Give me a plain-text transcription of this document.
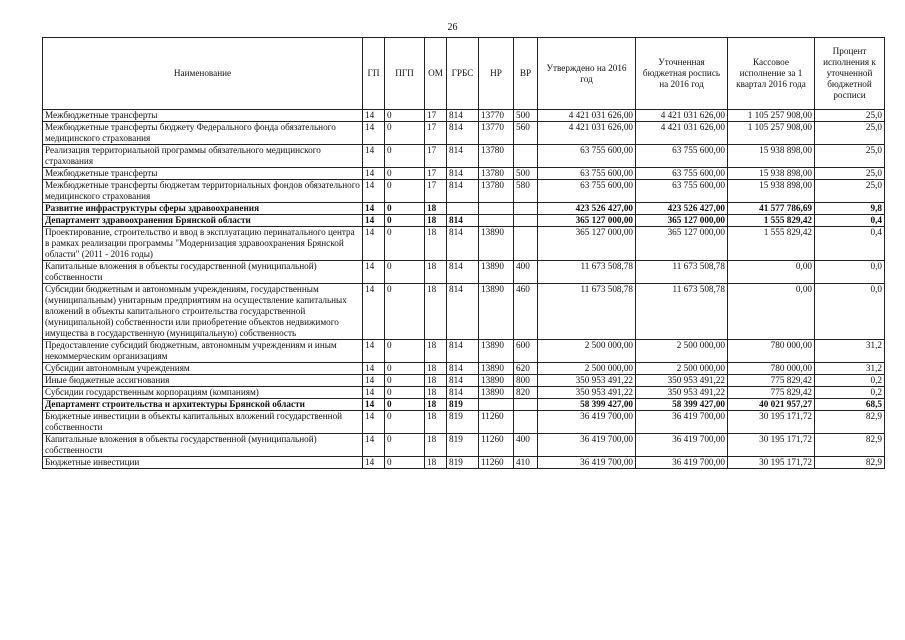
26
Наименование	ГП	ПГП	ОМ	ГРБС	НР	ВР	Утверждено на 2016 год	Уточненная бюджетная роспись на 2016 год	Кассовое исполнение за 1 квартал 2016 года	Процент исполнения к уточненной бюджетной росписи
Межбюджетные трансферты	14	0	17	814	13770	500	4 421 031 626,00	4 421 031 626,00	1 105 257 908,00	25,0
Межбюджетные трансферты бюджету Федерального фонда обязательного медицинского страхования	14	0	17	814	13770	560	4 421 031 626,00	4 421 031 626,00	1 105 257 908,00	25,0
Реализация территориальной программы обязательного медицинского страхования	14	0	17	814	13780		63 755 600,00	63 755 600,00	15 938 898,00	25,0
Межбюджетные трансферты	14	0	17	814	13780	500	63 755 600,00	63 755 600,00	15 938 898,00	25,0
Межбюджетные трансферты бюджетам территориальных фондов обязательного медицинского страхования	14	0	17	814	13780	580	63 755 600,00	63 755 600,00	15 938 898,00	25,0
Развитие инфраструктуры сферы здравоохранения	14	0	18				423 526 427,00	423 526 427,00	41 577 786,69	9,8
Департамент здравоохранения Брянской области	14	0	18	814			365 127 000,00	365 127 000,00	1 555 829,42	0,4
Проектирование, строительство и ввод в эксплуатацию перинатального центра в рамках реализации программы "Модернизация здравоохранения Брянской области" (2011 - 2016 годы)	14	0	18	814	13890		365 127 000,00	365 127 000,00	1 555 829,42	0,4
Капитальные вложения в объекты государственной (муниципальной) собственности	14	0	18	814	13890	400	11 673 508,78	11 673 508,78	0,00	0,0
Субсидии бюджетным и автономным учреждениям, государственным (муниципальным) унитарным предприятиям на осуществление капитальных вложений в объекты капитального строительства государственной (муниципальной) собственности или приобретение объектов недвижимого имущества в государственную (муниципальную) собственность	14	0	18	814	13890	460	11 673 508,78	11 673 508,78	0,00	0,0
Предоставление субсидий бюджетным, автономным учреждениям и иным некоммерческим организациям	14	0	18	814	13890	600	2 500 000,00	2 500 000,00	780 000,00	31,2
Субсидии автономным учреждениям	14	0	18	814	13890	620	2 500 000,00	2 500 000,00	780 000,00	31,2
Иные бюджетные ассигнования	14	0	18	814	13890	800	350 953 491,22	350 953 491,22	775 829,42	0,2
Субсидии государственным корпорациям (компаниям)	14	0	18	814	13890	820	350 953 491,22	350 953 491,22	775 829,42	0,2
Департамент строительства и архитектуры Брянской области	14	0	18	819			58 399 427,00	58 399 427,00	40 021 957,27	68,5
Бюджетные инвестиции в объекты капитальных вложений государственной собственности	14	0	18	819	11260		36 419 700,00	36 419 700,00	30 195 171,72	82,9
Капитальные вложения в объекты государственной (муниципальной) собственности	14	0	18	819	11260	400	36 419 700,00	36 419 700,00	30 195 171,72	82,9
Бюджетные инвестиции	14	0	18	819	11260	410	36 419 700,00	36 419 700,00	30 195 171,72	82,9
